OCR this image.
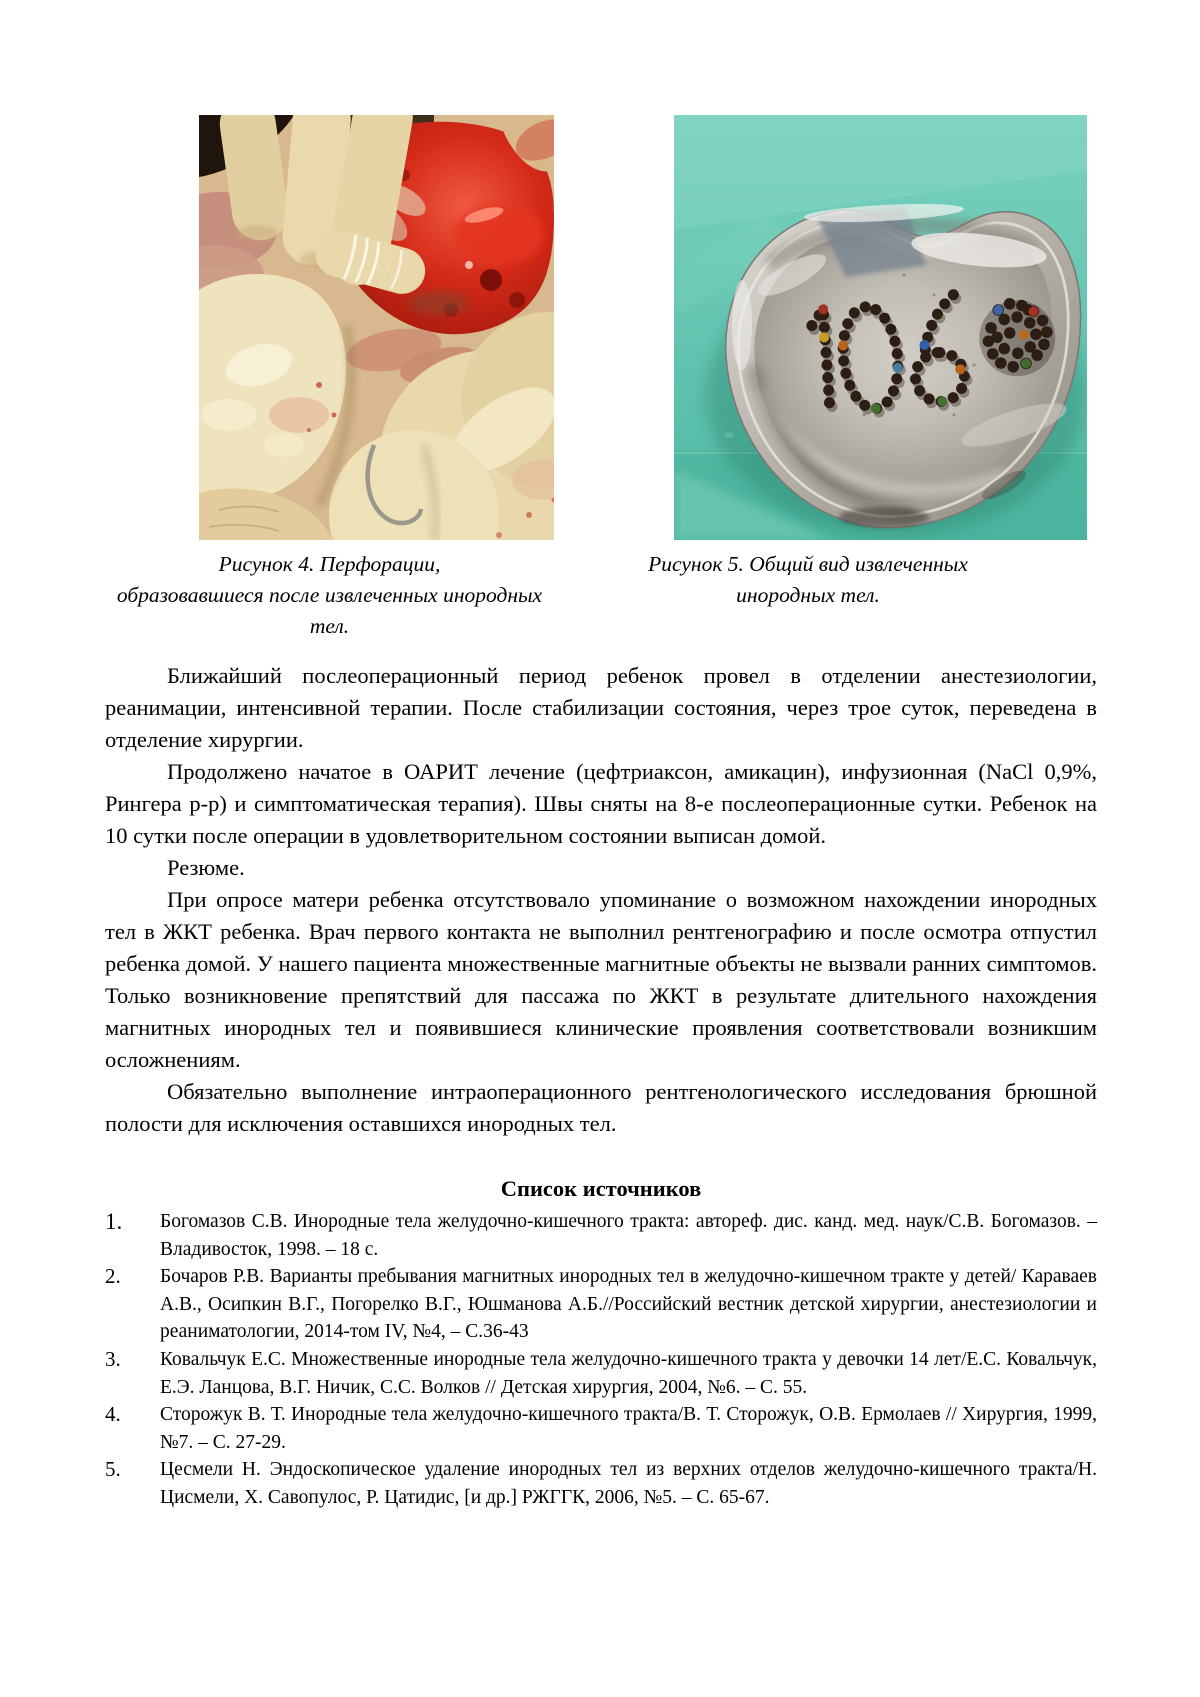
Рисунок 4. Перфорации,
образовавшиеся после извлеченных инородных
тел.
Рисунок 5. Общий вид извлеченных
инородных тел.

Ближайший послеоперационный период ребенок провел в отделении анестезиологии, реанимации, интенсивной терапии. После стабилизации состояния, через трое суток, переведена в отделение хирургии.

Продолжено начатое в ОАРИТ лечение (цефтриаксон, амикацин), инфузионная (NaCl 0,9%, Рингера р-р) и симптоматическая терапия). Швы сняты на 8-е послеоперационные сутки. Ребенок на 10 сутки после операции в удовлетворительном состоянии выписан домой.

Резюме.

При опросе матери ребенка отсутствовало упоминание о возможном нахождении инородных тел в ЖКТ ребенка. Врач первого контакта не выполнил рентгенографию и после осмотра отпустил ребенка домой. У нашего пациента множественные магнитные объекты не вызвали ранних симптомов. Только возникновение препятствий для пассажа по ЖКТ в результате длительного нахождения магнитных инородных тел и появившиеся клинические проявления соответствовали возникшим осложнениям.

Обязательно выполнение интраоперационного рентгенологического исследования брюшной полости для исключения оставшихся инородных тел.

Список источников
1.	Богомазов С.В. Инородные тела желудочно-кишечного тракта: автореф. дис. канд. мед. наук/С.В. Богомазов. – Владивосток, 1998. – 18 с.
2.	Бочаров Р.В. Варианты пребывания магнитных инородных тел в желудочно-кишечном тракте у детей/ Караваев А.В., Осипкин В.Г., Погорелко В.Г., Юшманова А.Б.//Российский вестник детской хирургии, анестезиологии и реаниматологии, 2014-том IV, №4, – С.36-43
3.	Ковальчук Е.С. Множественные инородные тела желудочно-кишечного тракта у девочки 14 лет/Е.С. Ковальчук, Е.Э. Ланцова, В.Г. Ничик, С.С. Волков // Детская хирургия, 2004, №6. – С. 55.
4.	Сторожук В. Т. Инородные тела желудочно-кишечного тракта/В. Т. Сторожук, О.В. Ермолаев // Хирургия, 1999, №7. – С. 27-29.
5.	Цесмели Н. Эндоскопическое удаление инородных тел из верхних отделов желудочно-кишечного тракта/Н. Цисмели, Х. Савопулос, Р. Цатидис, [и др.] РЖГГК, 2006, №5. – С. 65-67.
